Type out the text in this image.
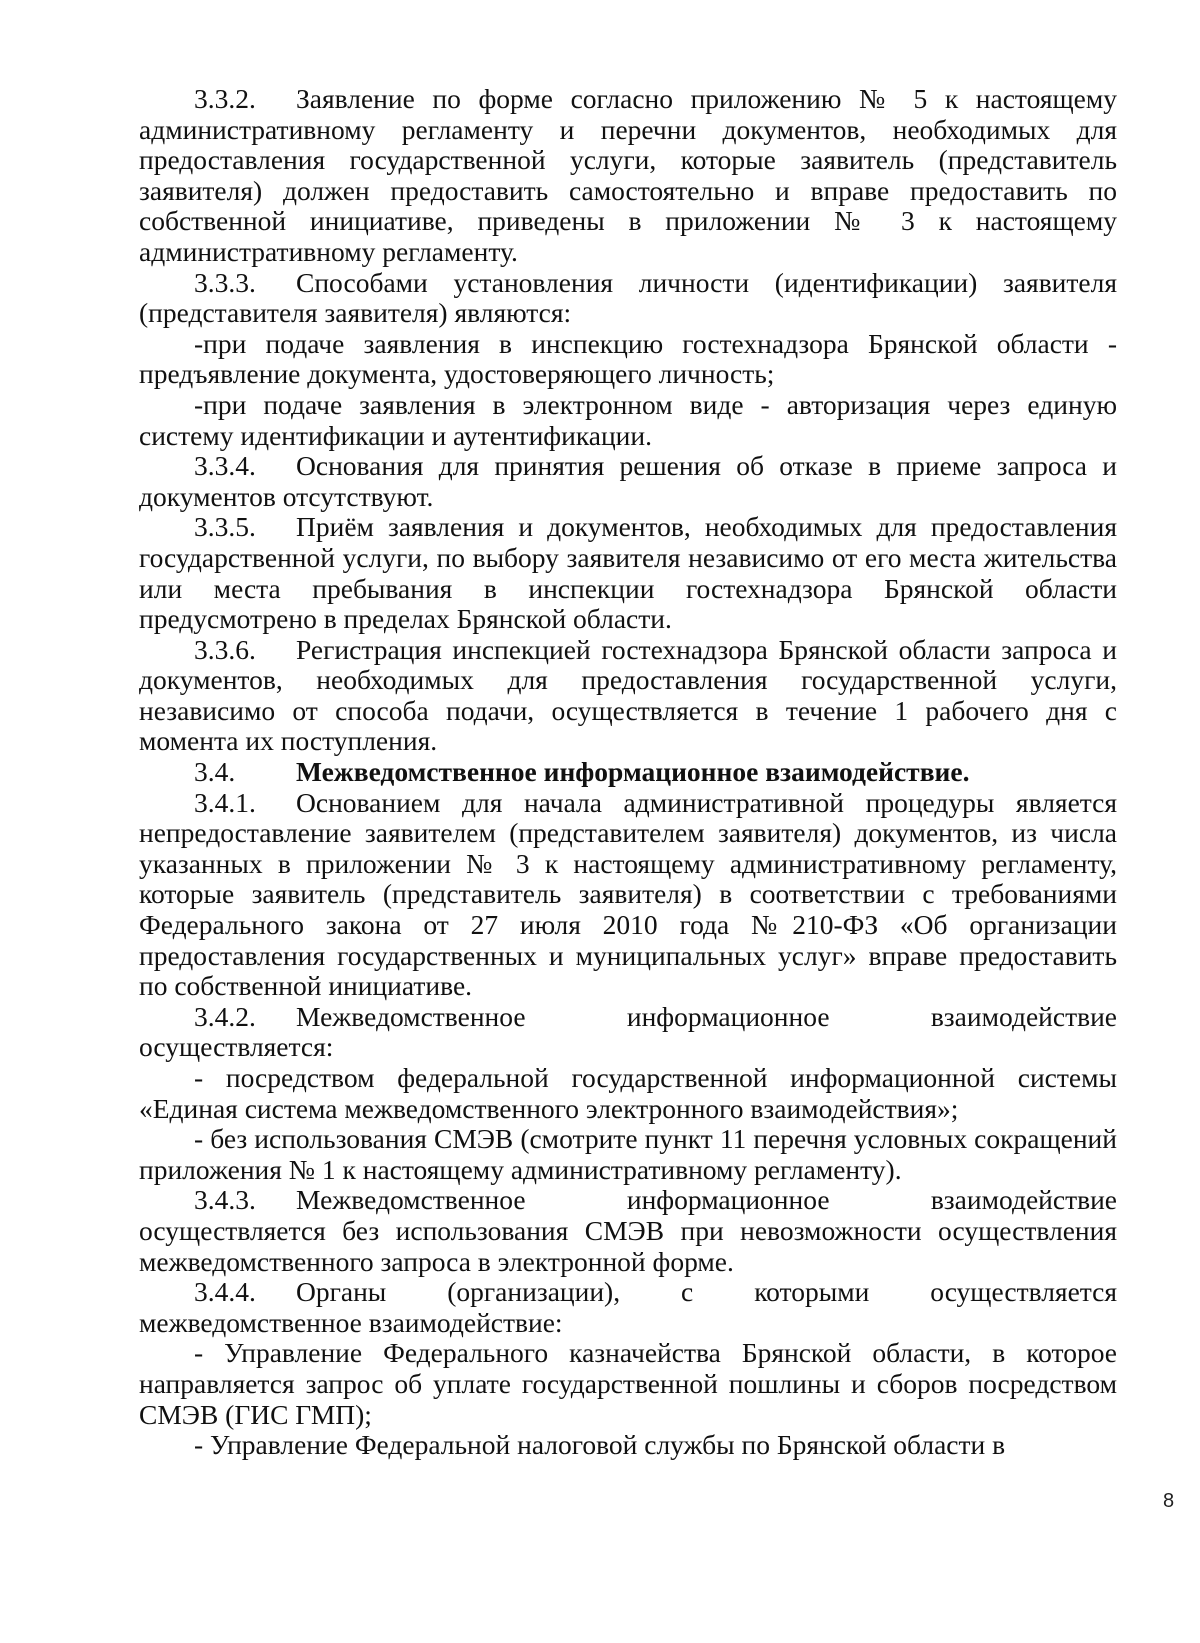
3.3.2. Заявление по форме согласно приложению № 5 к настоящему административному регламенту и перечни документов, необходимых для предоставления государственной услуги, которые заявитель (представитель заявителя) должен предоставить самостоятельно и вправе предоставить по собственной инициативе, приведены в приложении № 3 к настоящему административному регламенту.

3.3.3. Способами установления личности (идентификации) заявителя (представителя заявителя) являются:

-при подаче заявления в инспекцию гостехнадзора Брянской области - предъявление документа, удостоверяющего личность;

-при подаче заявления в электронном виде - авторизация через единую систему идентификации и аутентификации.

3.3.4. Основания для принятия решения об отказе в приеме запроса и документов отсутствуют.

3.3.5. Приём заявления и документов, необходимых для предоставления государственной услуги, по выбору заявителя независимо от его места жительства или места пребывания в инспекции гостехнадзора Брянской области предусмотрено в пределах Брянской области.

3.3.6. Регистрация инспекцией гостехнадзора Брянской области запроса и документов, необходимых для предоставления государственной услуги, независимо от способа подачи, осуществляется в течение 1 рабочего дня с момента их поступления.

3.4. Межведомственное информационное взаимодействие.

3.4.1. Основанием для начала административной процедуры является непредоставление заявителем (представителем заявителя) документов, из числа указанных в приложении № 3 к настоящему административному регламенту, которые заявитель (представитель заявителя) в соответствии с требованиями Федерального закона от 27 июля 2010 года №210-ФЗ «Об организации предоставления государственных и муниципальных услуг» вправе предоставить по собственной инициативе.

3.4.2. Межведомственное информационное взаимодействие осуществляется:

- посредством федеральной государственной информационной системы «Единая система межведомственного электронного взаимодействия»;

- без использования СМЭВ (смотрите пункт 11 перечня условных сокращений приложения № 1 к настоящему административному регламенту).

3.4.3. Межведомственное информационное взаимодействие осуществляется без использования СМЭВ при невозможности осуществления межведомственного запроса в электронной форме.

3.4.4. Органы (организации), с которыми осуществляется межведомственное взаимодействие:

- Управление Федерального казначейства Брянской области, в которое направляется запрос об уплате государственной пошлины и сборов посредством СМЭВ (ГИС ГМП);

- Управление Федеральной налоговой службы по Брянской области в

8
